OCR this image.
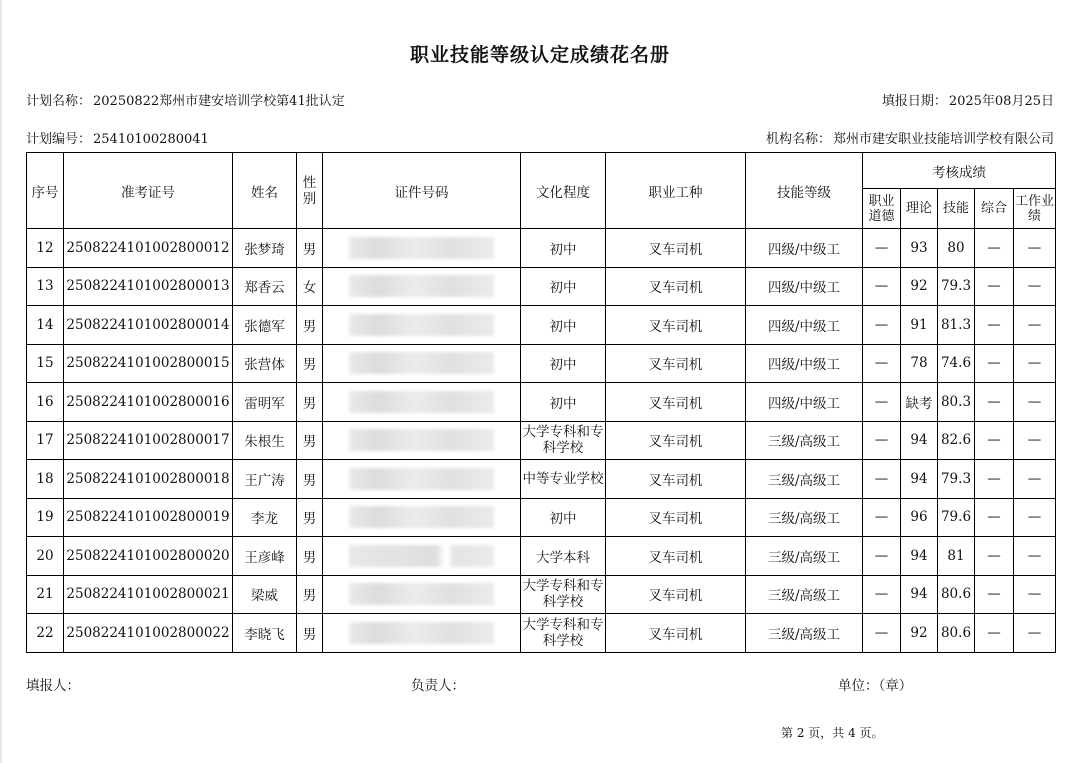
职业技能等级认定成绩花名册
计划名称： 20250822郑州市建安培训学校第41批认定	填报日期： 2025年08月25日
计划编号： 25410100280041	机构名称： 郑州市建安职业技能培训学校有限公司
序号	准考证号	姓名	性别	证件号码	文化程度	职业工种	技能等级	考核成绩				
								职业道德	理论	技能	综合	工作业绩
12	2508224101002800012	张梦琦	男		初中	叉车司机	四级/中级工	—	93	80	—	—
13	2508224101002800013	郑香云	女		初中	叉车司机	四级/中级工	—	92	79.3	—	—
14	2508224101002800014	张德军	男		初中	叉车司机	四级/中级工	—	91	81.3	—	—
15	2508224101002800015	张营体	男		初中	叉车司机	四级/中级工	—	78	74.6	—	—
16	2508224101002800016	雷明军	男		初中	叉车司机	四级/中级工	—	缺考	80.3	—	—
17	2508224101002800017	朱根生	男		大学专科和专科学校	叉车司机	三级/高级工	—	94	82.6	—	—
18	2508224101002800018	王广涛	男		中等专业学校	叉车司机	三级/高级工	—	94	79.3	—	—
19	2508224101002800019	李龙	男		初中	叉车司机	三级/高级工	—	96	79.6	—	—
20	2508224101002800020	王彦峰	男		大学本科	叉车司机	三级/高级工	—	94	81	—	—
21	2508224101002800021	梁威	男		大学专科和专科学校	叉车司机	三级/高级工	—	94	80.6	—	—
22	2508224101002800022	李晓飞	男		大学专科和专科学校	叉车司机	三级/高级工	—	92	80.6	—	—
填报人：	负责人：	单位：（章）
第 2 页，共 4 页。
